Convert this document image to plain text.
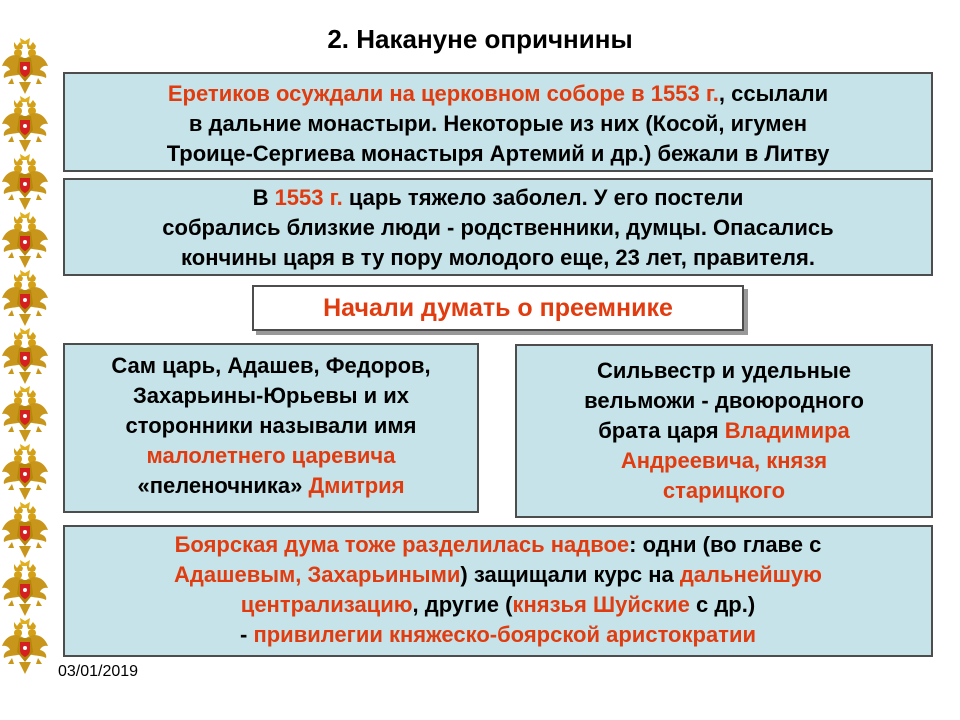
2. Накануне опричнины

Еретиков осуждали на церковном соборе в 1553 г., ссылали

в дальние монастыри. Некоторые из них (Косой, игумен

Троице-Сергиева монастыря Артемий и др.) бежали в Литву

В 1553 г. царь тяжело заболел. У его постели

собрались близкие люди - родственники, думцы. Опасались

кончины царя в ту пору молодого еще, 23 лет, правителя.

Начали думать о преемнике

Сам царь, Адашев, Федоров,

Захарьины-Юрьевы и их

сторонники называли имя

малолетнего царевича

«пеленочника» Дмитрия

Сильвестр и удельные

вельможи - двоюродного

брата царя Владимира

Андреевича, князя

старицкого

Боярская дума тоже разделилась надвое: одни (во главе с

Адашевым, Захарьиными) защищали курс на дальнейшую

централизацию, другие (князья Шуйские с др.)

- привилегии княжеско-боярской аристократии

03/01/2019
